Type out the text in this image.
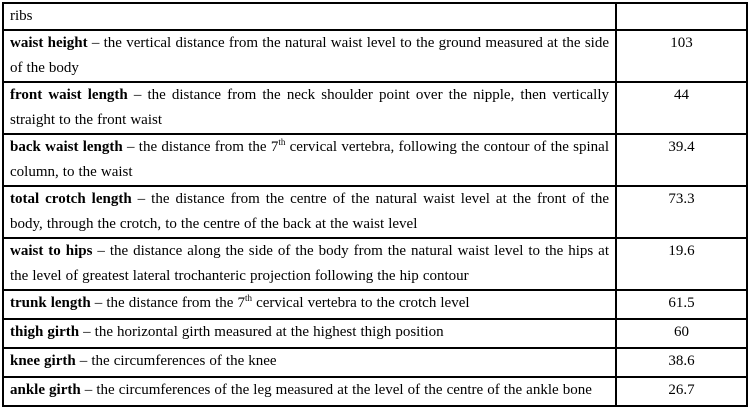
ribs	
waist height – the vertical distance from the natural waist level to the ground measured at the side of the body	103
front waist length – the distance from the neck shoulder point over the nipple, then vertically straight to the front waist	44
back waist length – the distance from the 7th cervical vertebra, following the contour of the spinal column, to the waist	39.4
total crotch length – the distance from the centre of the natural waist level at the front of the body, through the crotch, to the centre of the back at the waist level	73.3
waist to hips – the distance along the side of the body from the natural waist level to the hips at the level of greatest lateral trochanteric projection following the hip contour	19.6
trunk length – the distance from the 7th cervical vertebra to the crotch level	61.5
thigh girth – the horizontal girth measured at the highest thigh position	60
knee girth – the circumferences of the knee	38.6
ankle girth – the circumferences of the leg measured at the level of the centre of the ankle bone	26.7
